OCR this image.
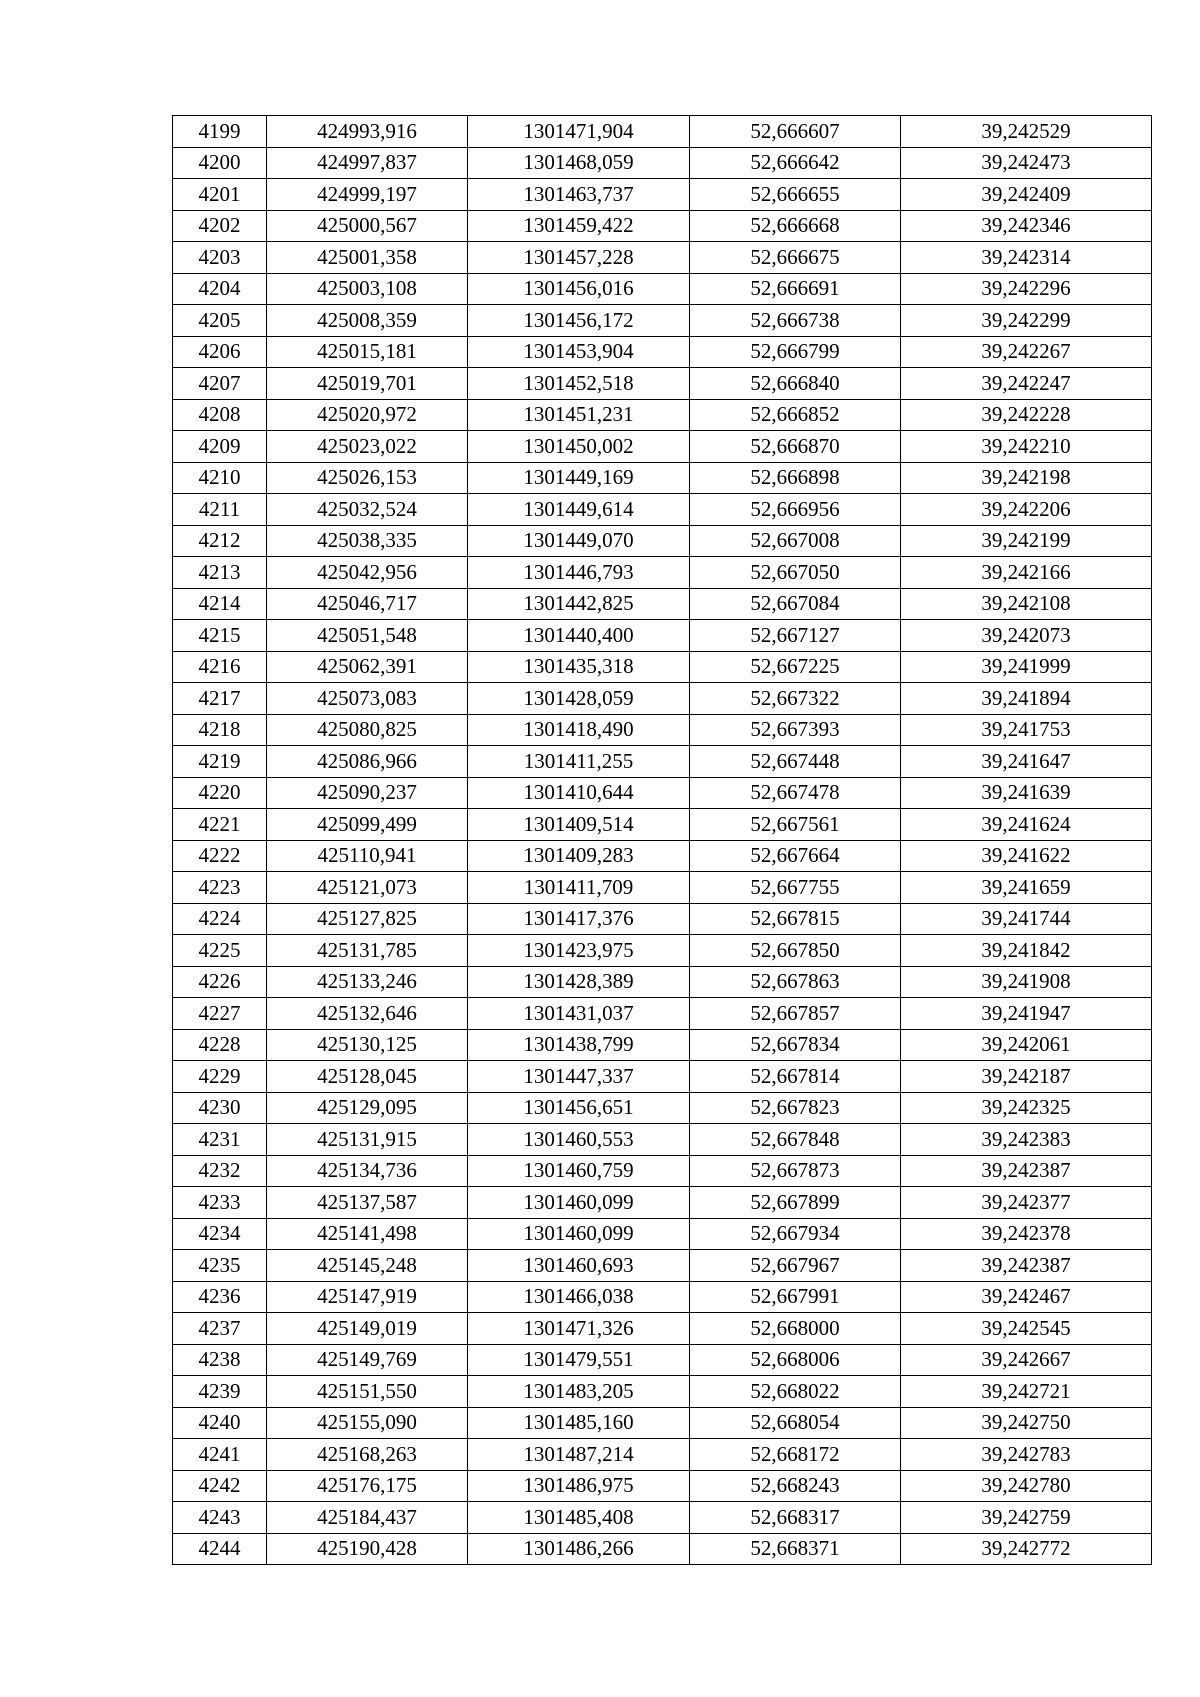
4199	424993,916	1301471,904	52,666607	39,242529
4200	424997,837	1301468,059	52,666642	39,242473
4201	424999,197	1301463,737	52,666655	39,242409
4202	425000,567	1301459,422	52,666668	39,242346
4203	425001,358	1301457,228	52,666675	39,242314
4204	425003,108	1301456,016	52,666691	39,242296
4205	425008,359	1301456,172	52,666738	39,242299
4206	425015,181	1301453,904	52,666799	39,242267
4207	425019,701	1301452,518	52,666840	39,242247
4208	425020,972	1301451,231	52,666852	39,242228
4209	425023,022	1301450,002	52,666870	39,242210
4210	425026,153	1301449,169	52,666898	39,242198
4211	425032,524	1301449,614	52,666956	39,242206
4212	425038,335	1301449,070	52,667008	39,242199
4213	425042,956	1301446,793	52,667050	39,242166
4214	425046,717	1301442,825	52,667084	39,242108
4215	425051,548	1301440,400	52,667127	39,242073
4216	425062,391	1301435,318	52,667225	39,241999
4217	425073,083	1301428,059	52,667322	39,241894
4218	425080,825	1301418,490	52,667393	39,241753
4219	425086,966	1301411,255	52,667448	39,241647
4220	425090,237	1301410,644	52,667478	39,241639
4221	425099,499	1301409,514	52,667561	39,241624
4222	425110,941	1301409,283	52,667664	39,241622
4223	425121,073	1301411,709	52,667755	39,241659
4224	425127,825	1301417,376	52,667815	39,241744
4225	425131,785	1301423,975	52,667850	39,241842
4226	425133,246	1301428,389	52,667863	39,241908
4227	425132,646	1301431,037	52,667857	39,241947
4228	425130,125	1301438,799	52,667834	39,242061
4229	425128,045	1301447,337	52,667814	39,242187
4230	425129,095	1301456,651	52,667823	39,242325
4231	425131,915	1301460,553	52,667848	39,242383
4232	425134,736	1301460,759	52,667873	39,242387
4233	425137,587	1301460,099	52,667899	39,242377
4234	425141,498	1301460,099	52,667934	39,242378
4235	425145,248	1301460,693	52,667967	39,242387
4236	425147,919	1301466,038	52,667991	39,242467
4237	425149,019	1301471,326	52,668000	39,242545
4238	425149,769	1301479,551	52,668006	39,242667
4239	425151,550	1301483,205	52,668022	39,242721
4240	425155,090	1301485,160	52,668054	39,242750
4241	425168,263	1301487,214	52,668172	39,242783
4242	425176,175	1301486,975	52,668243	39,242780
4243	425184,437	1301485,408	52,668317	39,242759
4244	425190,428	1301486,266	52,668371	39,242772
